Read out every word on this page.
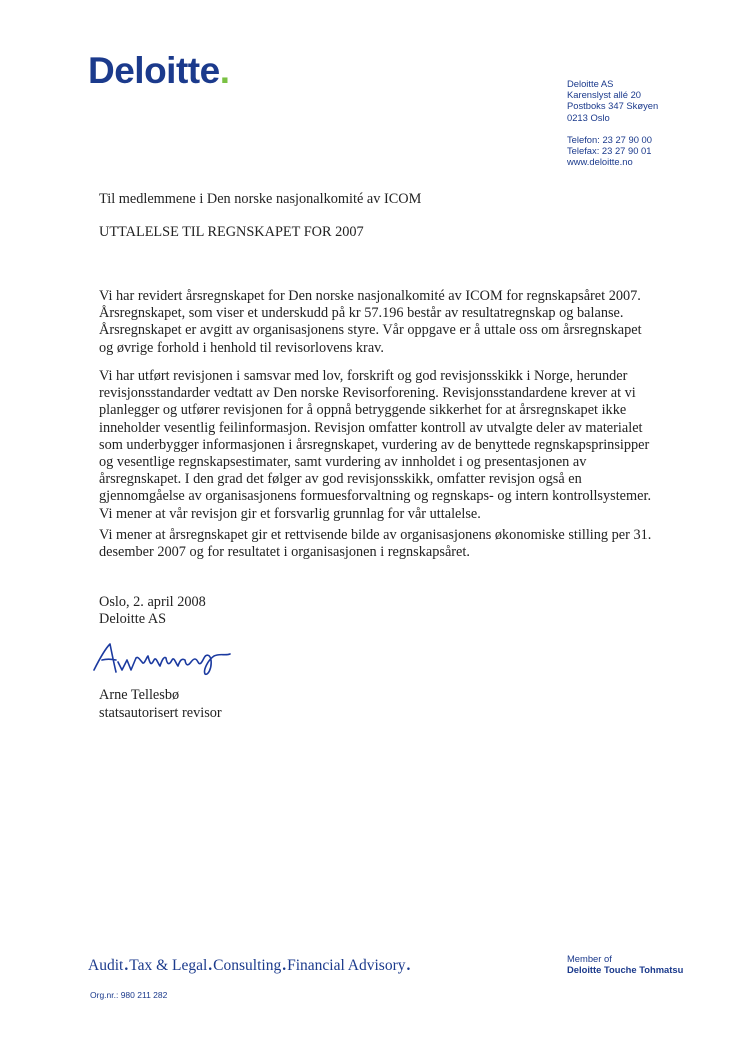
Deloitte.	Deloitte AS
Karenslyst allé 20
Postboks 347 Skøyen
0213 Oslo
Telefon: 23 27 90 00
Telefax: 23 27 90 01
www.deloitte.no
Til medlemmene i Den norske nasjonalkomité av ICOM
UTTALELSE TIL REGNSKAPET FOR 2007

Vi har revidert årsregnskapet for Den norske nasjonalkomité av ICOM for regnskapsåret 2007. Årsregnskapet, som viser et underskudd på kr 57.196 består av resultatregnskap og balanse. Årsregnskapet er avgitt av organisasjonens styre. Vår oppgave er å uttale oss om årsregnskapet og øvrige forhold i henhold til revisorlovens krav.

Vi har utført revisjonen i samsvar med lov, forskrift og god revisjonsskikk i Norge, herunder revisjonsstandarder vedtatt av Den norske Revisorforening. Revisjonsstandardene krever at vi planlegger og utfører revisjonen for å oppnå betryggende sikkerhet for at årsregnskapet ikke inneholder vesentlig feilinformasjon. Revisjon omfatter kontroll av utvalgte deler av materialet som underbygger informasjonen i årsregnskapet, vurdering av de benyttede regnskapsprinsipper og vesentlige regnskapsestimater, samt vurdering av innholdet i og presentasjonen av årsregnskapet. I den grad det følger av god revisjonsskikk, omfatter revisjon også en gjennomgåelse av organisasjonens formuesforvaltning og regnskaps- og intern kontrollsystemer. Vi mener at vår revisjon gir et forsvarlig grunnlag for vår uttalelse.

Vi mener at årsregnskapet gir et rettvisende bilde av organisasjonens økonomiske stilling per 31. desember 2007 og for resultatet i organisasjonen i regnskapsåret.

Oslo, 2. april 2008
Deloitte AS
Arne Tellesbø
statsautorisert revisor
Audit.Tax & Legal.Consulting.Financial Advisory.
Org.nr.: 980 211 282
Member of
Deloitte Touche Tohmatsu
